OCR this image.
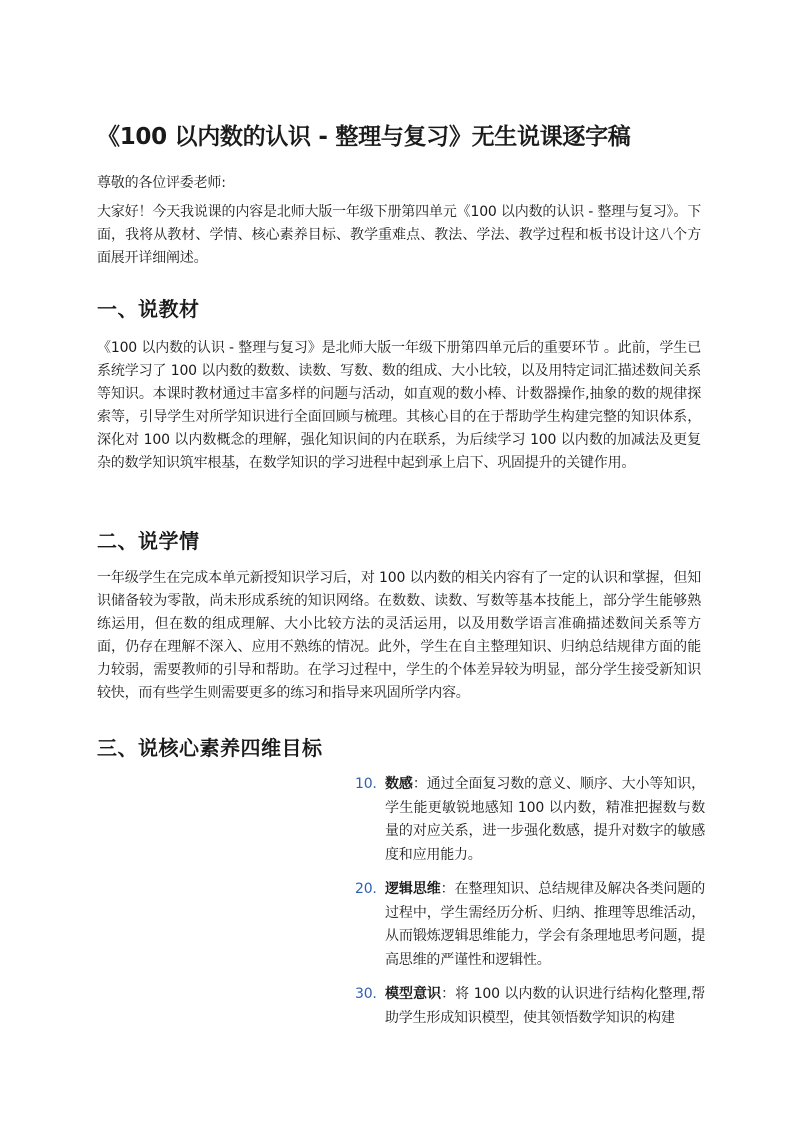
《100 以内数的认识 - 整理与复习》无生说课逐字稿

尊敬的各位评委老师:

大家好！今天我说课的内容是北师大版一年级下册第四单元《100 以内数的认识 - 整理与复习》。下面，我将从教材、学情、核心素养目标、教学重难点、教法、学法、教学过程和板书设计这八个方面展开详细阐述。

一、说教材

《100 以内数的认识 - 整理与复习》是北师大版一年级下册第四单元后的重要环节 。此前，学生已系统学习了 100 以内数的数数、读数、写数、数的组成、大小比较，以及用特定词汇描述数间关系等知识。本课时教材通过丰富多样的问题与活动，如直观的数小棒、计数器操作,抽象的数的规律探索等，引导学生对所学知识进行全面回顾与梳理。其核心目的在于帮助学生构建完整的知识体系，深化对 100 以内数概念的理解，强化知识间的内在联系，为后续学习 100 以内数的加减法及更复杂的数学知识筑牢根基，在数学知识的学习进程中起到承上启下、巩固提升的关键作用。

二、说学情

一年级学生在完成本单元新授知识学习后，对 100 以内数的相关内容有了一定的认识和掌握，但知识储备较为零散，尚未形成系统的知识网络。在数数、读数、写数等基本技能上，部分学生能够熟练运用，但在数的组成理解、大小比较方法的灵活运用，以及用数学语言准确描述数间关系等方面，仍存在理解不深入、应用不熟练的情况。此外，学生在自主整理知识、归纳总结规律方面的能力较弱，需要教师的引导和帮助。在学习过程中，学生的个体差异较为明显，部分学生接受新知识较快，而有些学生则需要更多的练习和指导来巩固所学内容。

三、说核心素养四维目标
10. 数感：通过全面复习数的意义、顺序、大小等知识，学生能更敏锐地感知 100 以内数，精准把握数与数量的对应关系，进一步强化数感，提升对数字的敏感度和应用能力。
20. 逻辑思维：在整理知识、总结规律及解决各类问题的过程中，学生需经历分析、归纳、推理等思维活动，从而锻炼逻辑思维能力，学会有条理地思考问题，提高思维的严谨性和逻辑性。
30. 模型意识：将 100 以内数的认识进行结构化整理,帮助学生形成知识模型，使其领悟数学知识的构建
